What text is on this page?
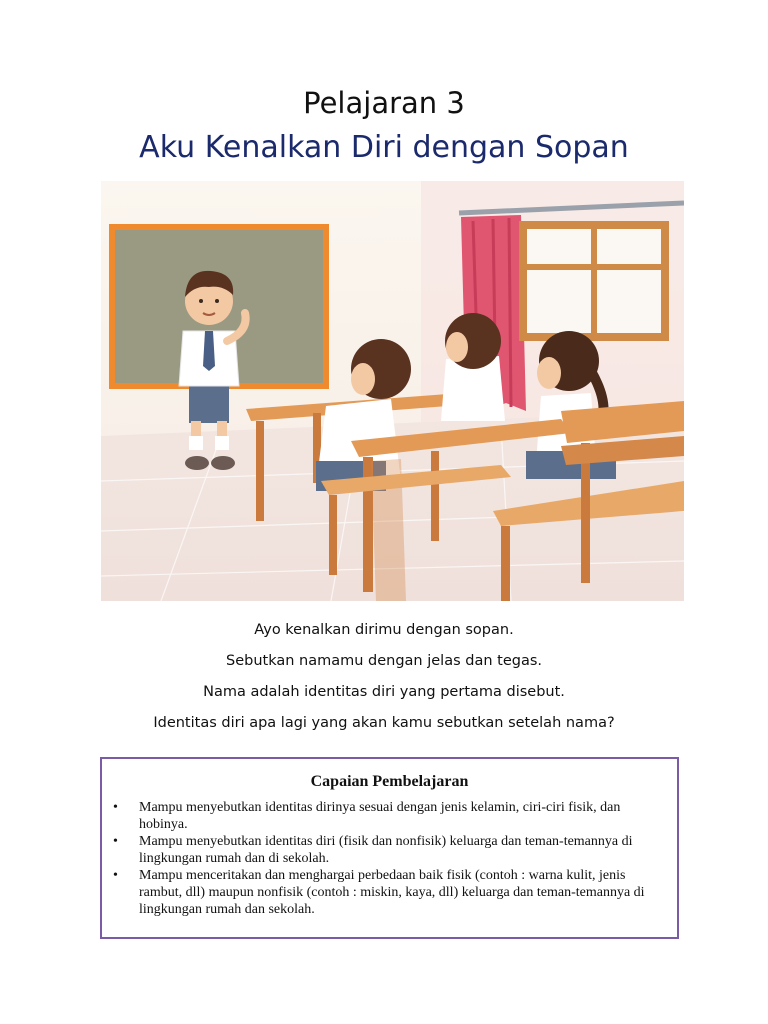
Pelajaran 3
Aku Kenalkan Diri dengan Sopan

Ayo kenalkan dirimu dengan sopan.

Sebutkan namamu dengan jelas dan tegas.

Nama adalah identitas diri yang pertama disebut.

Identitas diri apa lagi yang akan kamu sebutkan setelah nama?

Capaian Pembelajaran
• Mampu menyebutkan identitas dirinya sesuai dengan jenis kelamin, ciri-ciri fisik, dan hobinya.
• Mampu menyebutkan identitas diri (fisik dan nonfisik) keluarga dan teman-temannya di lingkungan rumah dan di sekolah.
• Mampu menceritakan dan menghargai perbedaan baik fisik (contoh : warna kulit, jenis rambut, dll) maupun nonfisik (contoh : miskin, kaya, dll) keluarga dan teman-temannya di lingkungan rumah dan sekolah.
